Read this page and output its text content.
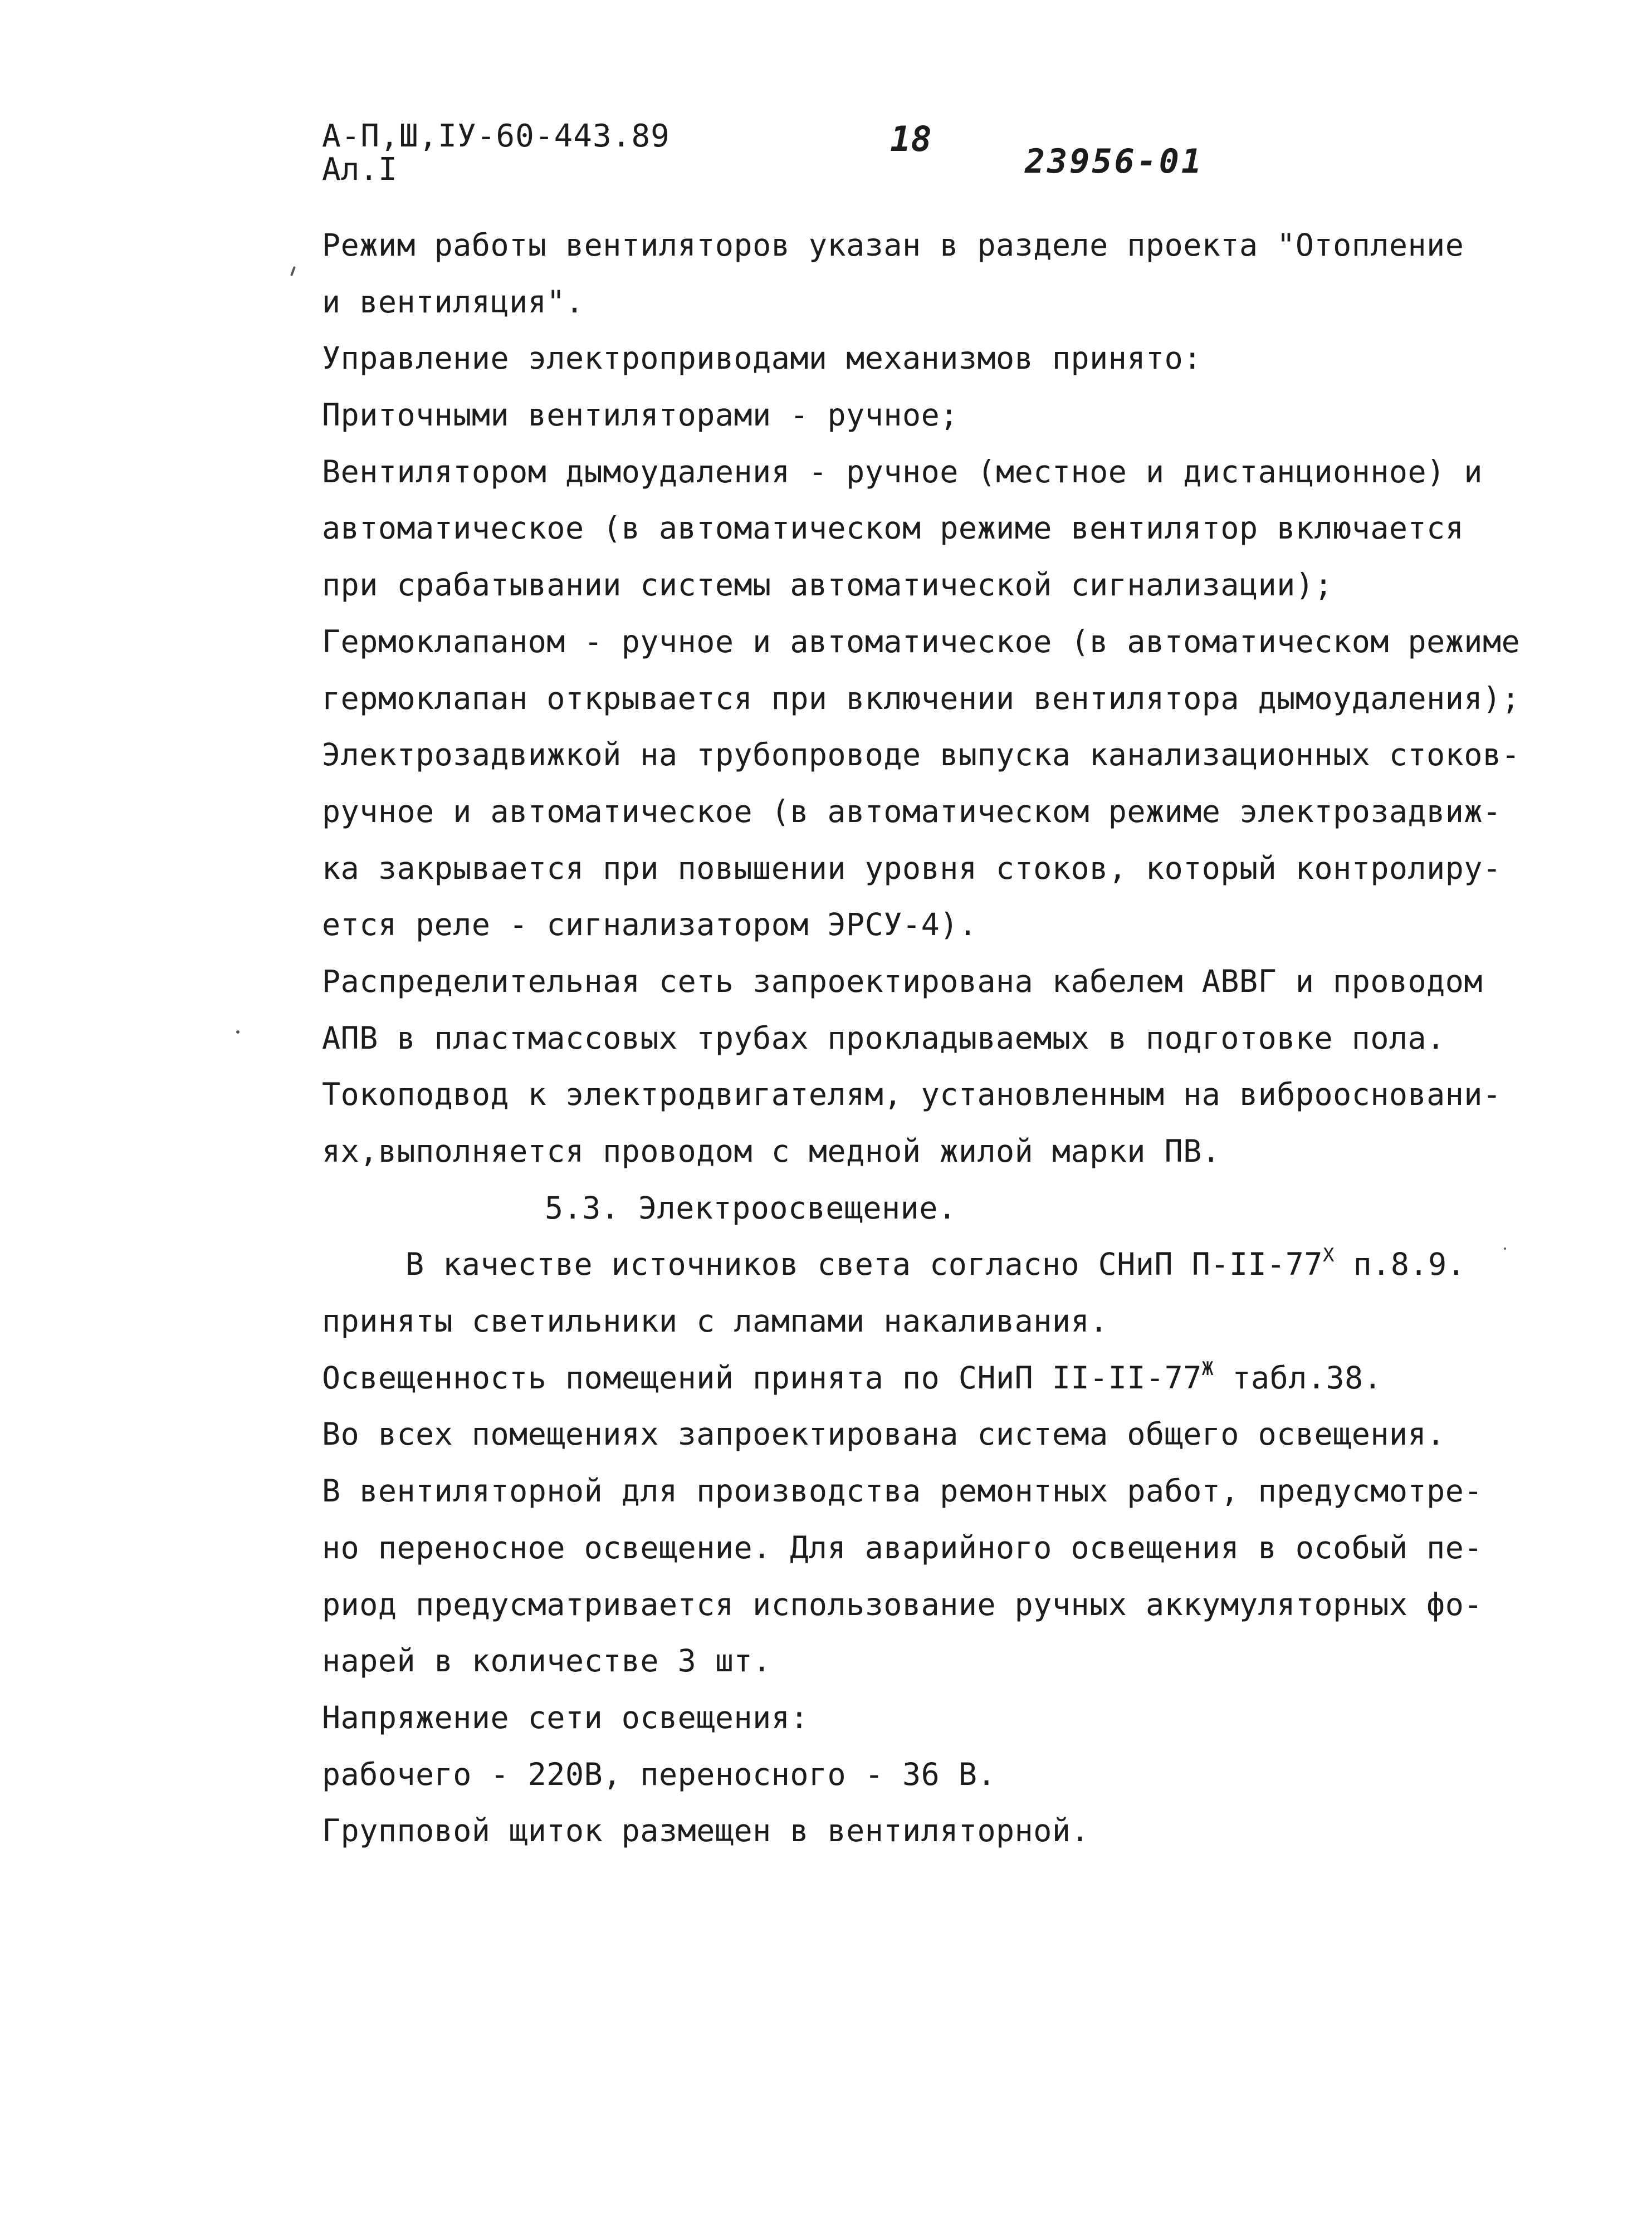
А-П,Ш,IУ-60-443.89
Ал.I
18
23956-01
Режим работы вентиляторов указан в разделе проекта "Отопление
и вентиляция".
Управление электроприводами механизмов принято:
Приточными вентиляторами - ручное;
Вентилятором дымоудаления - ручное (местное и дистанционное) и
автоматическое (в автоматическом режиме вентилятор включается
при срабатывании системы автоматической сигнализации);
Гермоклапаном - ручное и автоматическое (в автоматическом режиме
гермоклапан открывается при включении вентилятора дымоудаления);
Электрозадвижкой на трубопроводе выпуска канализационных стоков-
ручное и автоматическое (в автоматическом режиме электрозадвиж-
ка закрывается при повышении уровня стоков, который контролиру-
ется реле - сигнализатором ЭРСУ-4).
Распределительная сеть запроектирована кабелем АВВГ и проводом
АПВ в пластмассовых трубах прокладываемых в подготовке пола.
Токоподвод к электродвигателям, установленным на виброосновани-
ях,выполняется проводом с медной жилой марки ПВ.
5.3. Электроосвещение.
В качестве источников света согласно СНиП $П-II-77^Х$ п.8.9.
приняты светильники с лампами накаливания.
Освещенность помещений принята по СНиП $II-II-77^Ж$ табл.38.
Во всех помещениях запроектирована система общего освещения.
В вентиляторной для производства ремонтных работ, предусмотре-
но переносное освещение. Для аварийного освещения в особый пе-
риод предусматривается использование ручных аккумуляторных фо-
нарей в количестве 3 шт.
Напряжение сети освещения:
рабочего - 220В, переносного - 36 В.
Групповой щиток размещен в вентиляторной.
